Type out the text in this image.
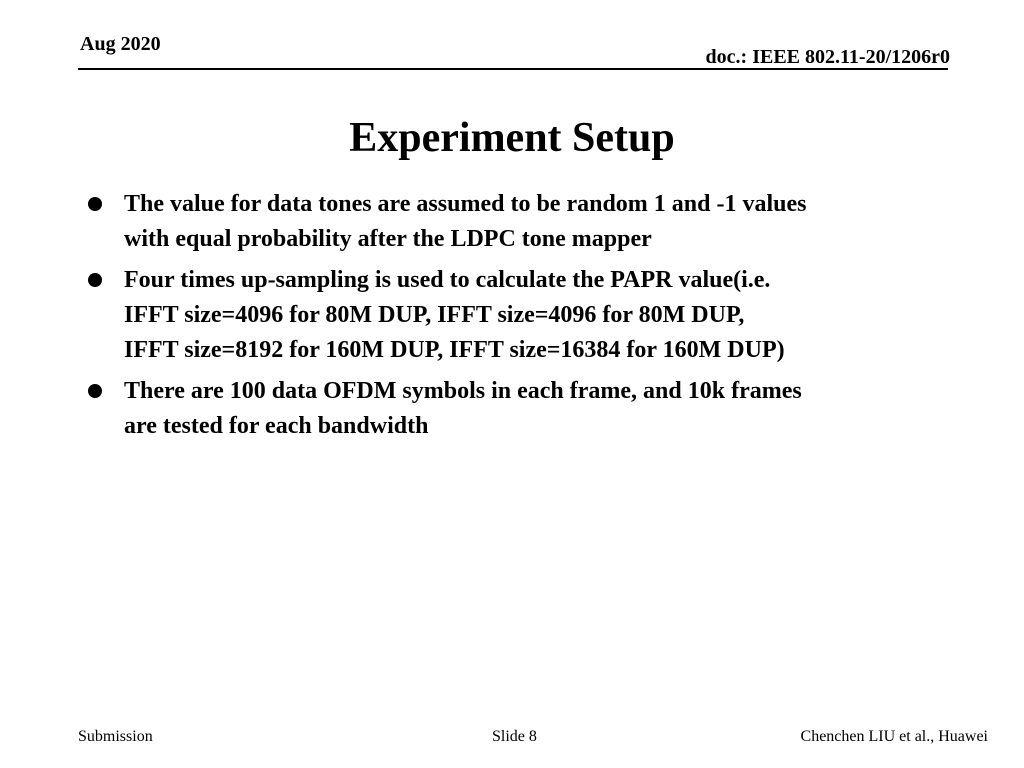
Aug 2020
doc.: IEEE 802.11-20/1206r0
Experiment Setup
The value for data tones are assumed to be random 1 and -1 values
with equal probability after the LDPC tone mapper
Four times up-sampling is used to calculate the PAPR value(i.e.
IFFT size=4096 for 80M DUP, IFFT size=4096 for 80M DUP,
IFFT size=8192 for 160M DUP, IFFT size=16384 for 160M DUP)
There are 100 data OFDM symbols in each frame, and 10k frames
are tested for each bandwidth
Submission	Slide 8	Chenchen LIU et al., Huawei
